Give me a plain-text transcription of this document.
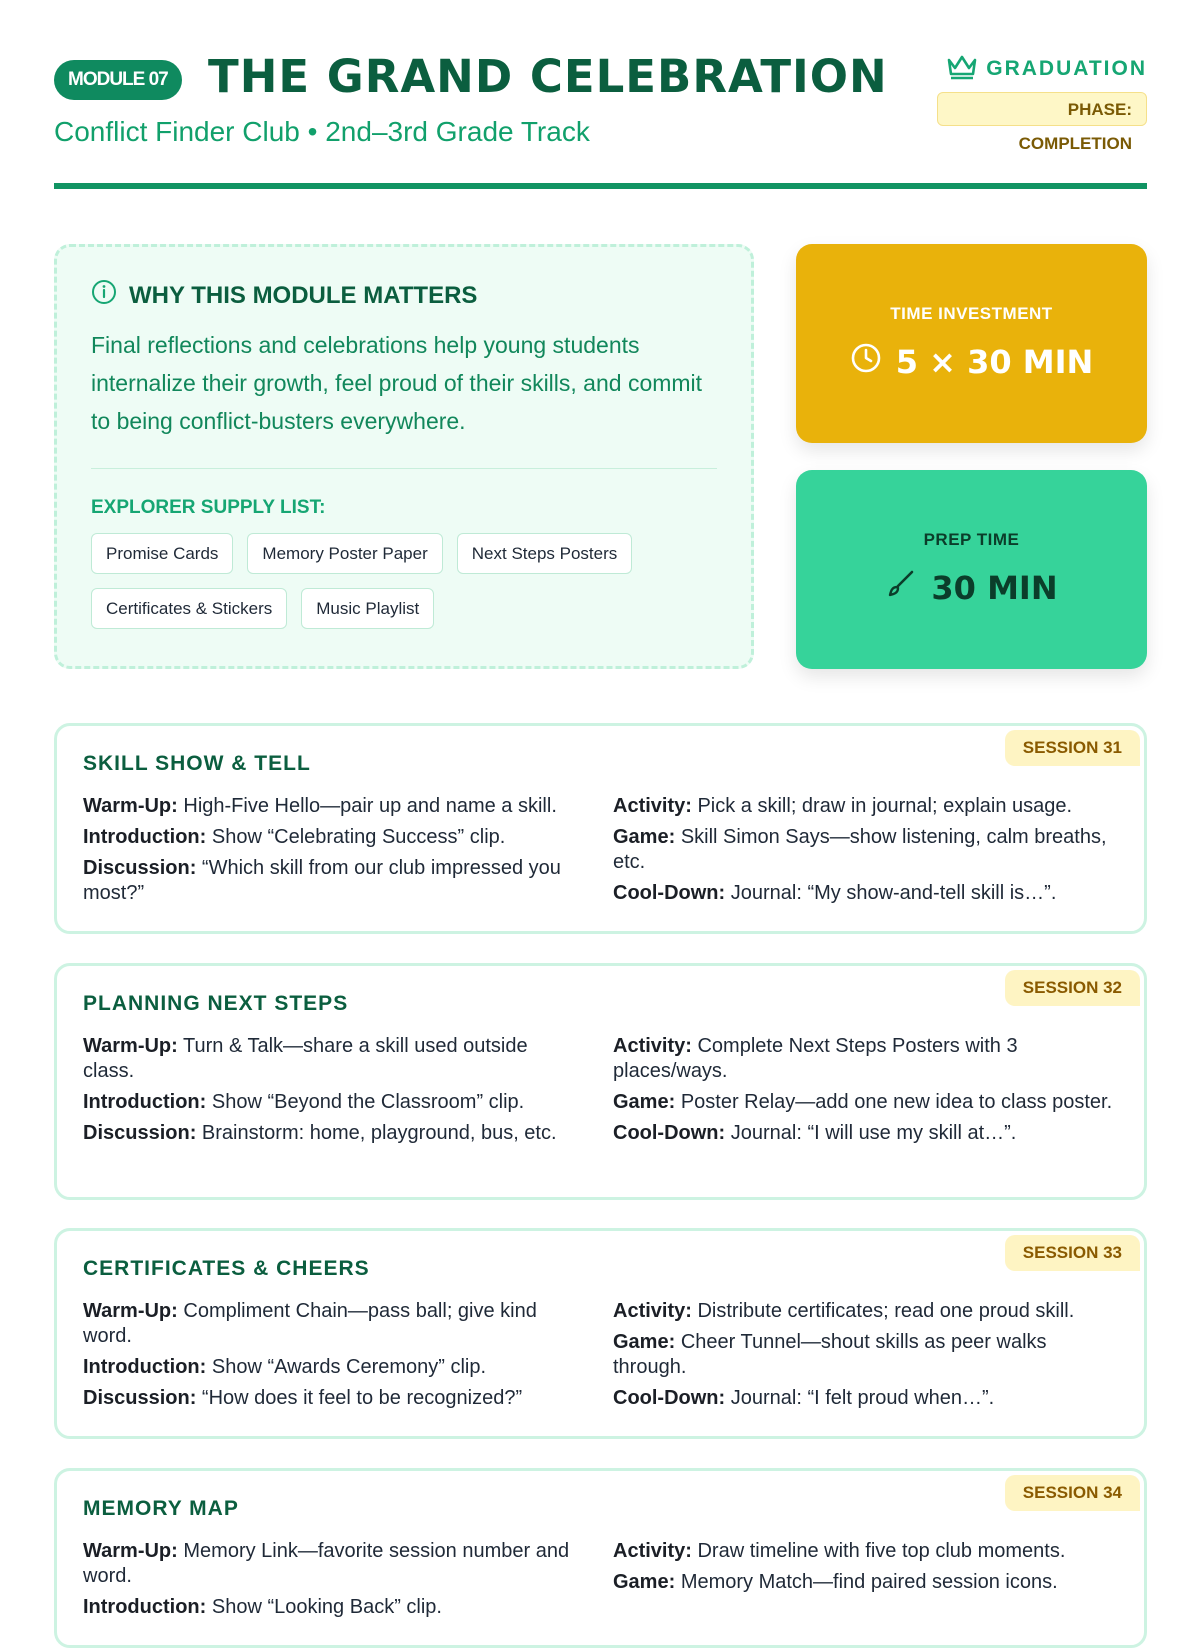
MODULE 07 THE GRAND CELEBRATION
Conflict Finder Club • 2nd–3rd Grade Track
GRADUATION
PHASE: COMPLETION
WHY THIS MODULE MATTERS
Final reflections and celebrations help young students internalize their growth, feel proud of their skills, and commit to being conflict-busters everywhere.
EXPLORER SUPPLY LIST:
Promise Cards	Memory Poster Paper	Next Steps Posters
Certificates & Stickers	Music Playlist
TIME INVESTMENT
5 × 30 MIN
PREP TIME
30 MIN
SESSION 31
SKILL SHOW & TELL
Warm-Up: High-Five Hello—pair up and name a skill.
Introduction: Show “Celebrating Success” clip.
Discussion: “Which skill from our club impressed you most?”
Activity: Pick a skill; draw in journal; explain usage.
Game: Skill Simon Says—show listening, calm breaths, etc.
Cool-Down: Journal: “My show-and-tell skill is…”.
SESSION 32
PLANNING NEXT STEPS
Warm-Up: Turn & Talk—share a skill used outside class.
Introduction: Show “Beyond the Classroom” clip.
Discussion: Brainstorm: home, playground, bus, etc.
Activity: Complete Next Steps Posters with 3 places/ways.
Game: Poster Relay—add one new idea to class poster.
Cool-Down: Journal: “I will use my skill at…”.
SESSION 33
CERTIFICATES & CHEERS
Warm-Up: Compliment Chain—pass ball; give kind word.
Introduction: Show “Awards Ceremony” clip.
Discussion: “How does it feel to be recognized?”
Activity: Distribute certificates; read one proud skill.
Game: Cheer Tunnel—shout skills as peer walks through.
Cool-Down: Journal: “I felt proud when…”.
SESSION 34
MEMORY MAP
Warm-Up: Memory Link—favorite session number and word.
Introduction: Show “Looking Back” clip.
Activity: Draw timeline with five top club moments.
Game: Memory Match—find paired session icons.
